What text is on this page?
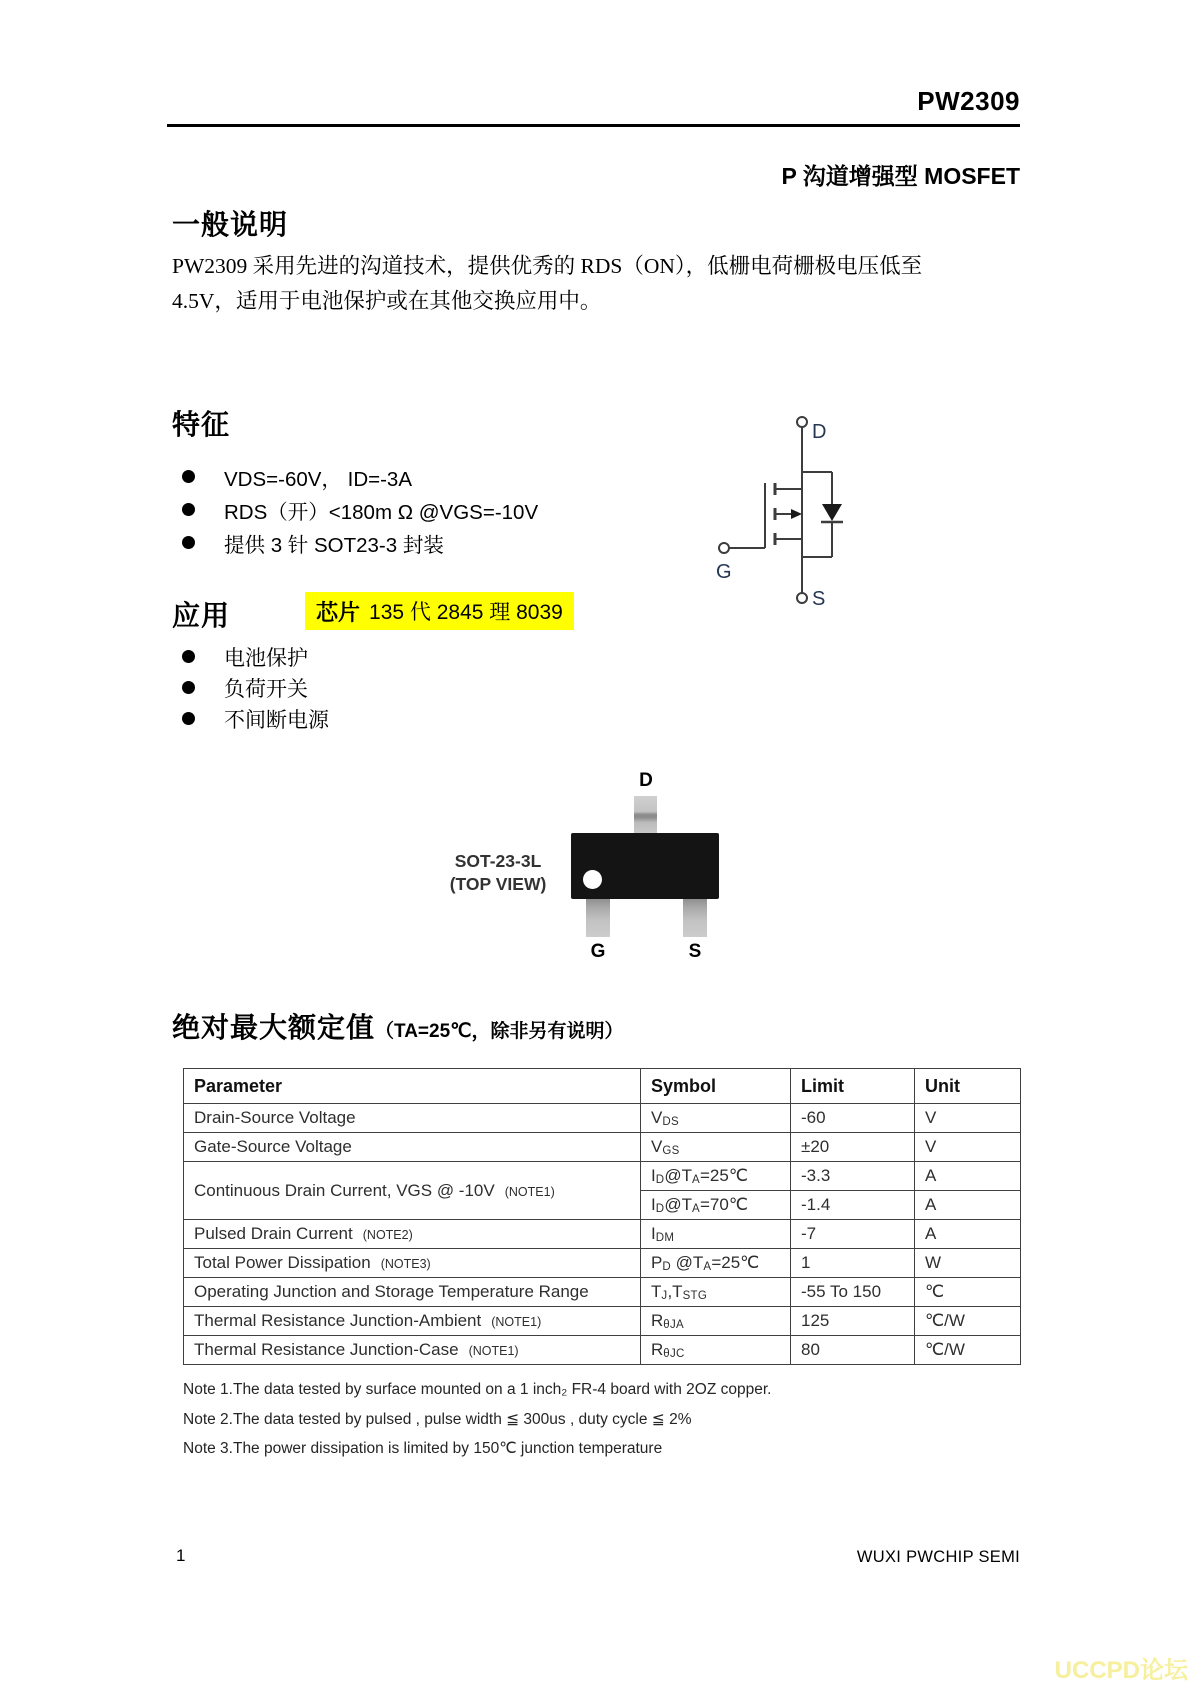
PW2309
P 沟道增强型 MOSFET
一般说明
PW2309 采用先进的沟道技术，提供优秀的 RDS（ON），低栅电荷栅极电压低至
4.5V，适用于电池保护或在其他交换应用中。
特征
VDS=-60V， ID=-3A
RDS（开）<180m Ω @VGS=-10V
提供 3 针 SOT23-3 封装
D
G
S
应用	芯片 135 代 2845 理 8039
电池保护
负荷开关
不间断电源
D
G	S
SOT-23-3L
(TOP VIEW)
绝对最大额定值（TA=25℃，除非另有说明）
Parameter	Symbol	Limit	Unit
Drain-Source Voltage	VDS	-60	V
Gate-Source Voltage	VGS	±20	V
Continuous Drain Current, VGS @ -10V (NOTE1)	ID@TA=25℃	-3.3	A
	ID@TA=70℃	-1.4	A
Pulsed Drain Current (NOTE2)	IDM	-7	A
Total Power Dissipation (NOTE3)	PD @TA=25℃	1	W
Operating Junction and Storage Temperature Range	TJ,TSTG	-55 To 150	℃
Thermal Resistance Junction-Ambient (NOTE1)	RθJA	125	℃/W
Thermal Resistance Junction-Case (NOTE1)	RθJC	80	℃/W
Note 1.The data tested by surface mounted on a 1 inch₂ FR-4 board with 2OZ copper.
Note 2.The data tested by pulsed , pulse width ≦ 300us , duty cycle ≦ 2%
Note 3.The power dissipation is limited by 150℃ junction temperature
1	WUXI PWCHIP SEMI
UCCPD论坛
